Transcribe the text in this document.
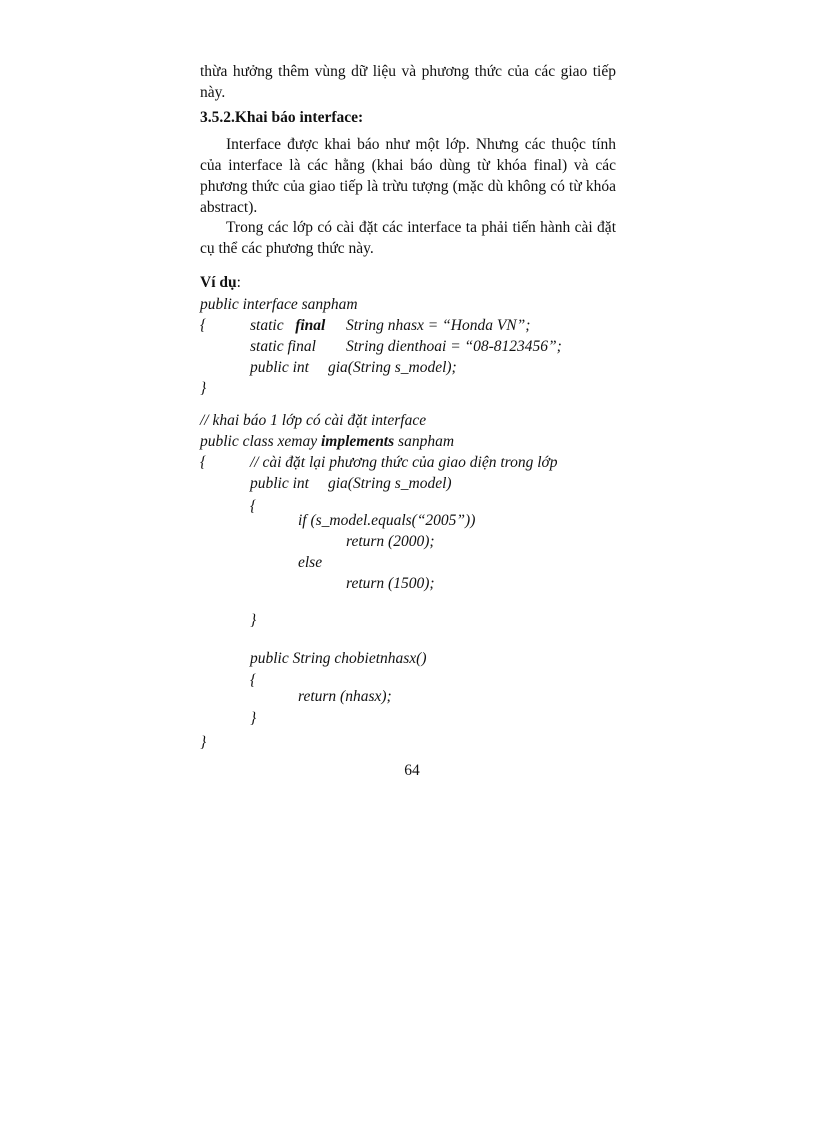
thừa hưởng thêm vùng dữ liệu và phương thức của các giao tiếp này.

3.5.2.Khai báo interface:

Interface được khai báo như một lớp. Nhưng các thuộc tính của interface là các hằng (khai báo dùng từ khóa final) và các phương thức của giao tiếp là trừu tượng (mặc dù không có từ khóa abstract).

Trong các lớp có cài đặt các interface ta phải tiến hành cài đặt cụ thể các phương thức này.

Ví dụ:
public interface sanpham
{	static final String nhasx = “Honda VN”;
static final String dienthoai = “08-8123456”;
public int gia(String s_model);
}
// khai báo 1 lớp có cài đặt interface
public class xemay implements sanpham
{	// cài đặt lại phương thức của giao diện trong lớp
public int gia(String s_model)
{
if (s_model.equals(“2005”))
return (2000);
else
return (1500);
}
public String chobietnhasx()
{
return (nhasx);
}
}
64
